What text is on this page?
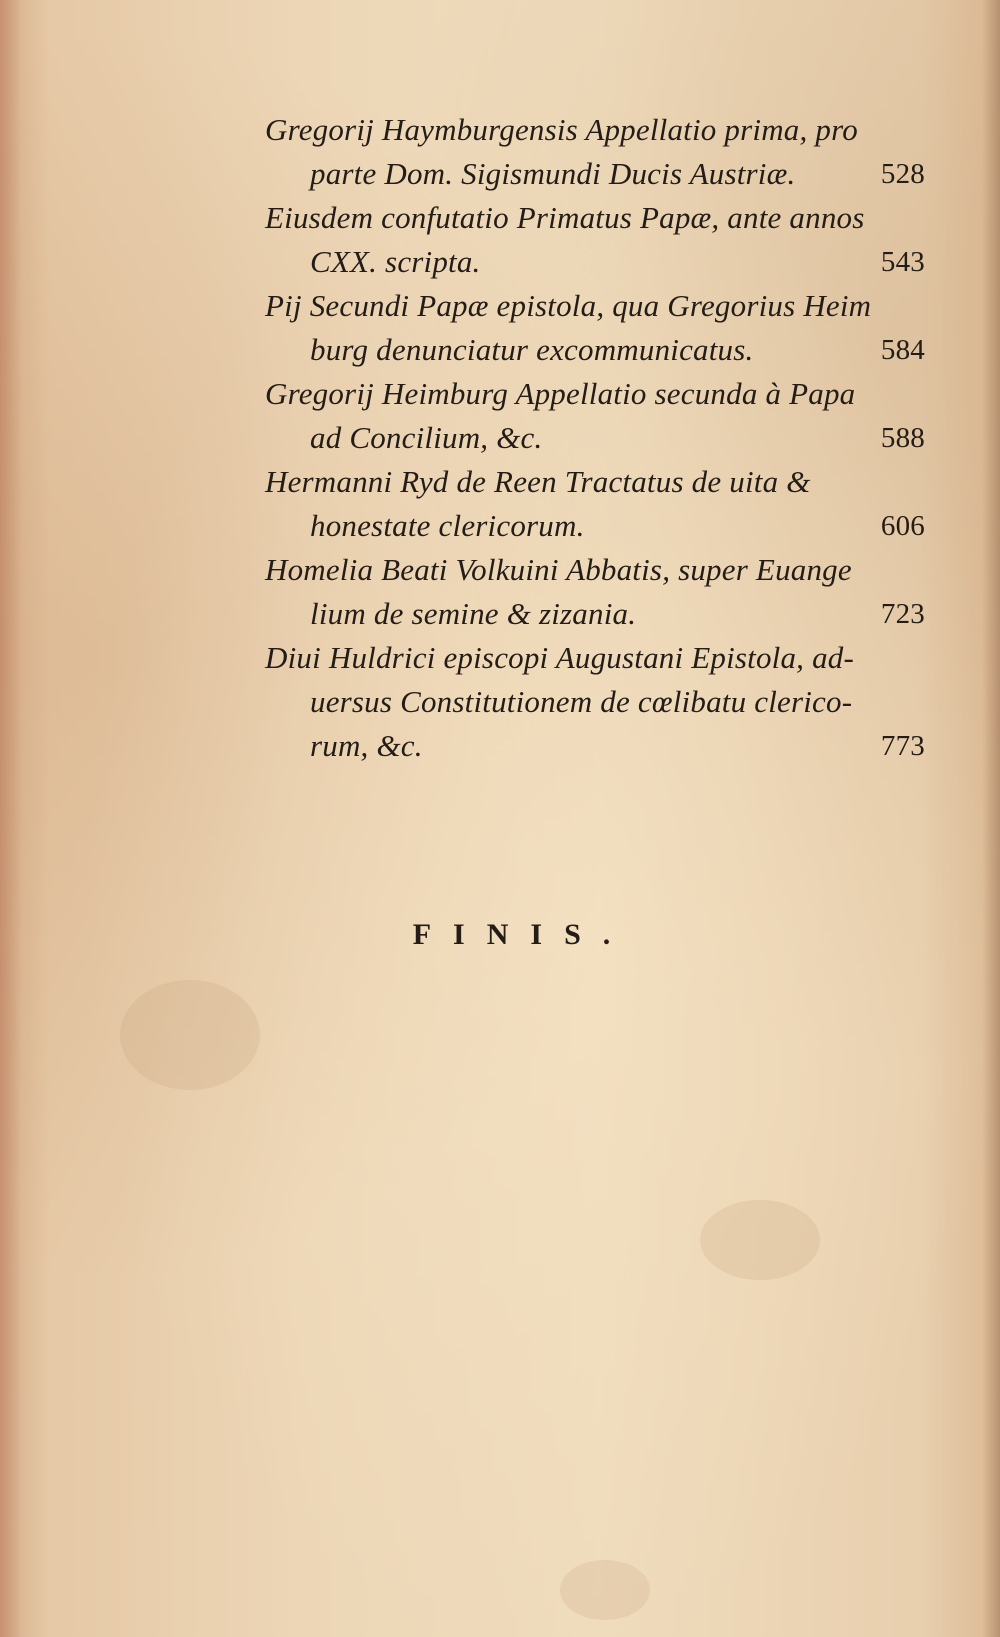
Gregorij Haymburgensis Appellatio prima, pro
parte Dom. Sigismundi Ducis Austriæ.	528
Eiusdem confutatio Primatus Papæ, ante annos
CXX. scripta.	543
Pij Secundi Papæ epistola, qua Gregorius Heim
burg denunciatur excommunicatus.	584
Gregorij Heimburg Appellatio secunda à Papa
ad Concilium, &c.	588
Hermanni Ryd de Reen Tractatus de uita &
honestate clericorum.	606
Homelia Beati Volkuini Abbatis, super Euange
lium de semine & zizania.	723
Diui Huldrici episcopi Augustani Epistola, ad-
uersus Constitutionem de cœlibatu clerico-
rum, &c.	773
FINIS.
